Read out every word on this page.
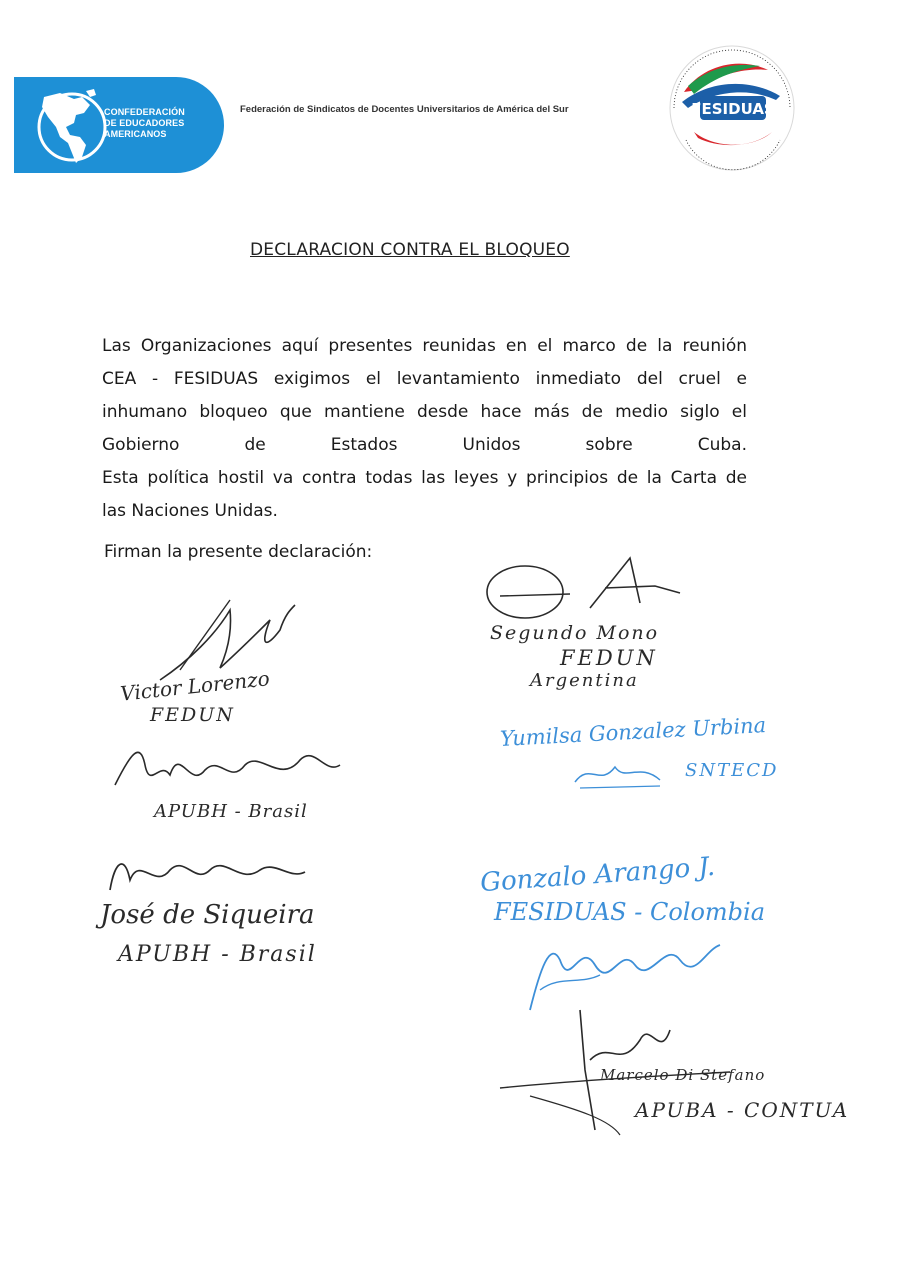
CONFEDERACIÓN
DE EDUCADORES
AMERICANOS
Federación de Sindicatos de Docentes Universitarios de América del Sur	FESIDUAS
DECLARACION CONTRA EL BLOQUEO
Las Organizaciones aquí presentes reunidas en el marco de la reunión
CEA - FESIDUAS exigimos el levantamiento inmediato del cruel e
inhumano bloqueo que mantiene desde hace más de medio siglo el
Gobierno de Estados Unidos sobre Cuba.
Esta política hostil va contra todas las leyes y principios de la Carta de
las Naciones Unidas.
Firman la presente declaración:
Victor Lorenzo
FEDUN
Segundo Mono
FEDUN
Argentina
Yumilsa Gonzalez Urbina
SNTECD
APUBH - Brasil
José de Siqueira
APUBH - Brasil
Gonzalo Arango J.
FESIDUAS - Colombia
Marcelo Di Stefano
APUBA - CONTUA
